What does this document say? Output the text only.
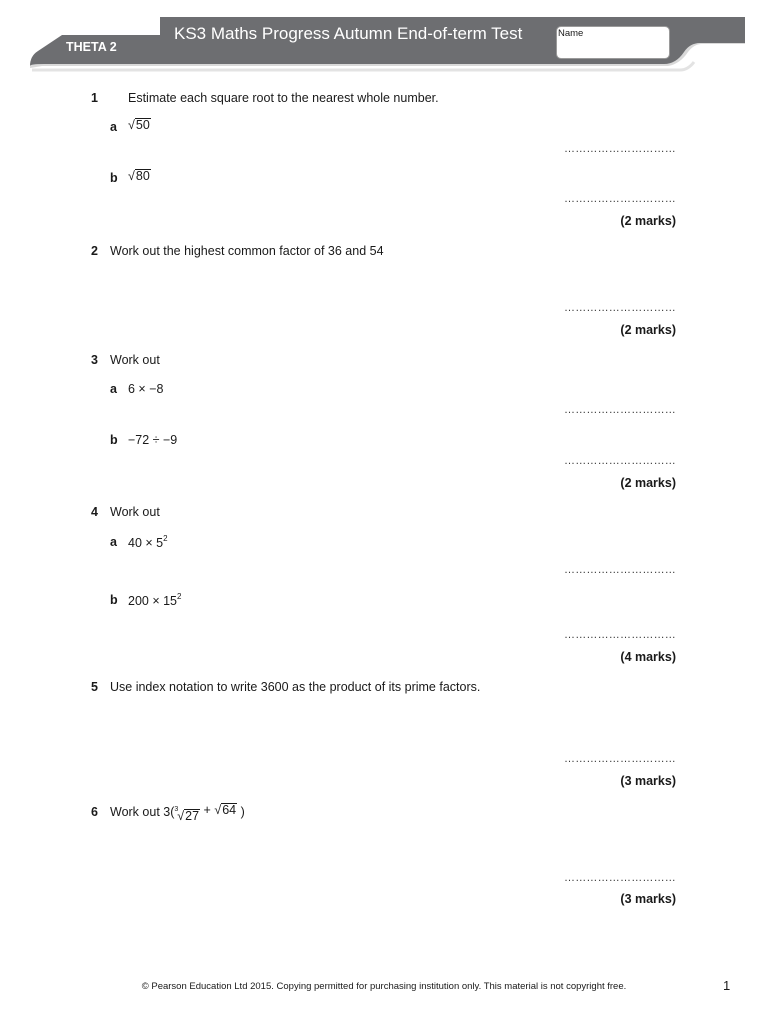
THETA 2
KS3 Maths Progress Autumn End-of-term Test	Name
1 Estimate each square root to the nearest whole number.
a √ 50
…………………………
b √ 80
…………………………
(2 marks)
2 Work out the highest common factor of 36 and 54
…………………………
(2 marks)
3 Work out
a 6 × −8
…………………………
b −72 ÷ −9
…………………………
(2 marks)
4 Work out
a $40 \times 5^2$
…………………………
b $200 \times 15^2$
…………………………
(4 marks)
5 Use index notation to write 3600 as the product of its prime factors.
…………………………
(3 marks)
6 Work out 3( 3 √ 27 + √ 64 )
…………………………
(3 marks)
© Pearson Education Ltd 2015. Copying permitted for purchasing institution only. This material is not copyright free.	1
